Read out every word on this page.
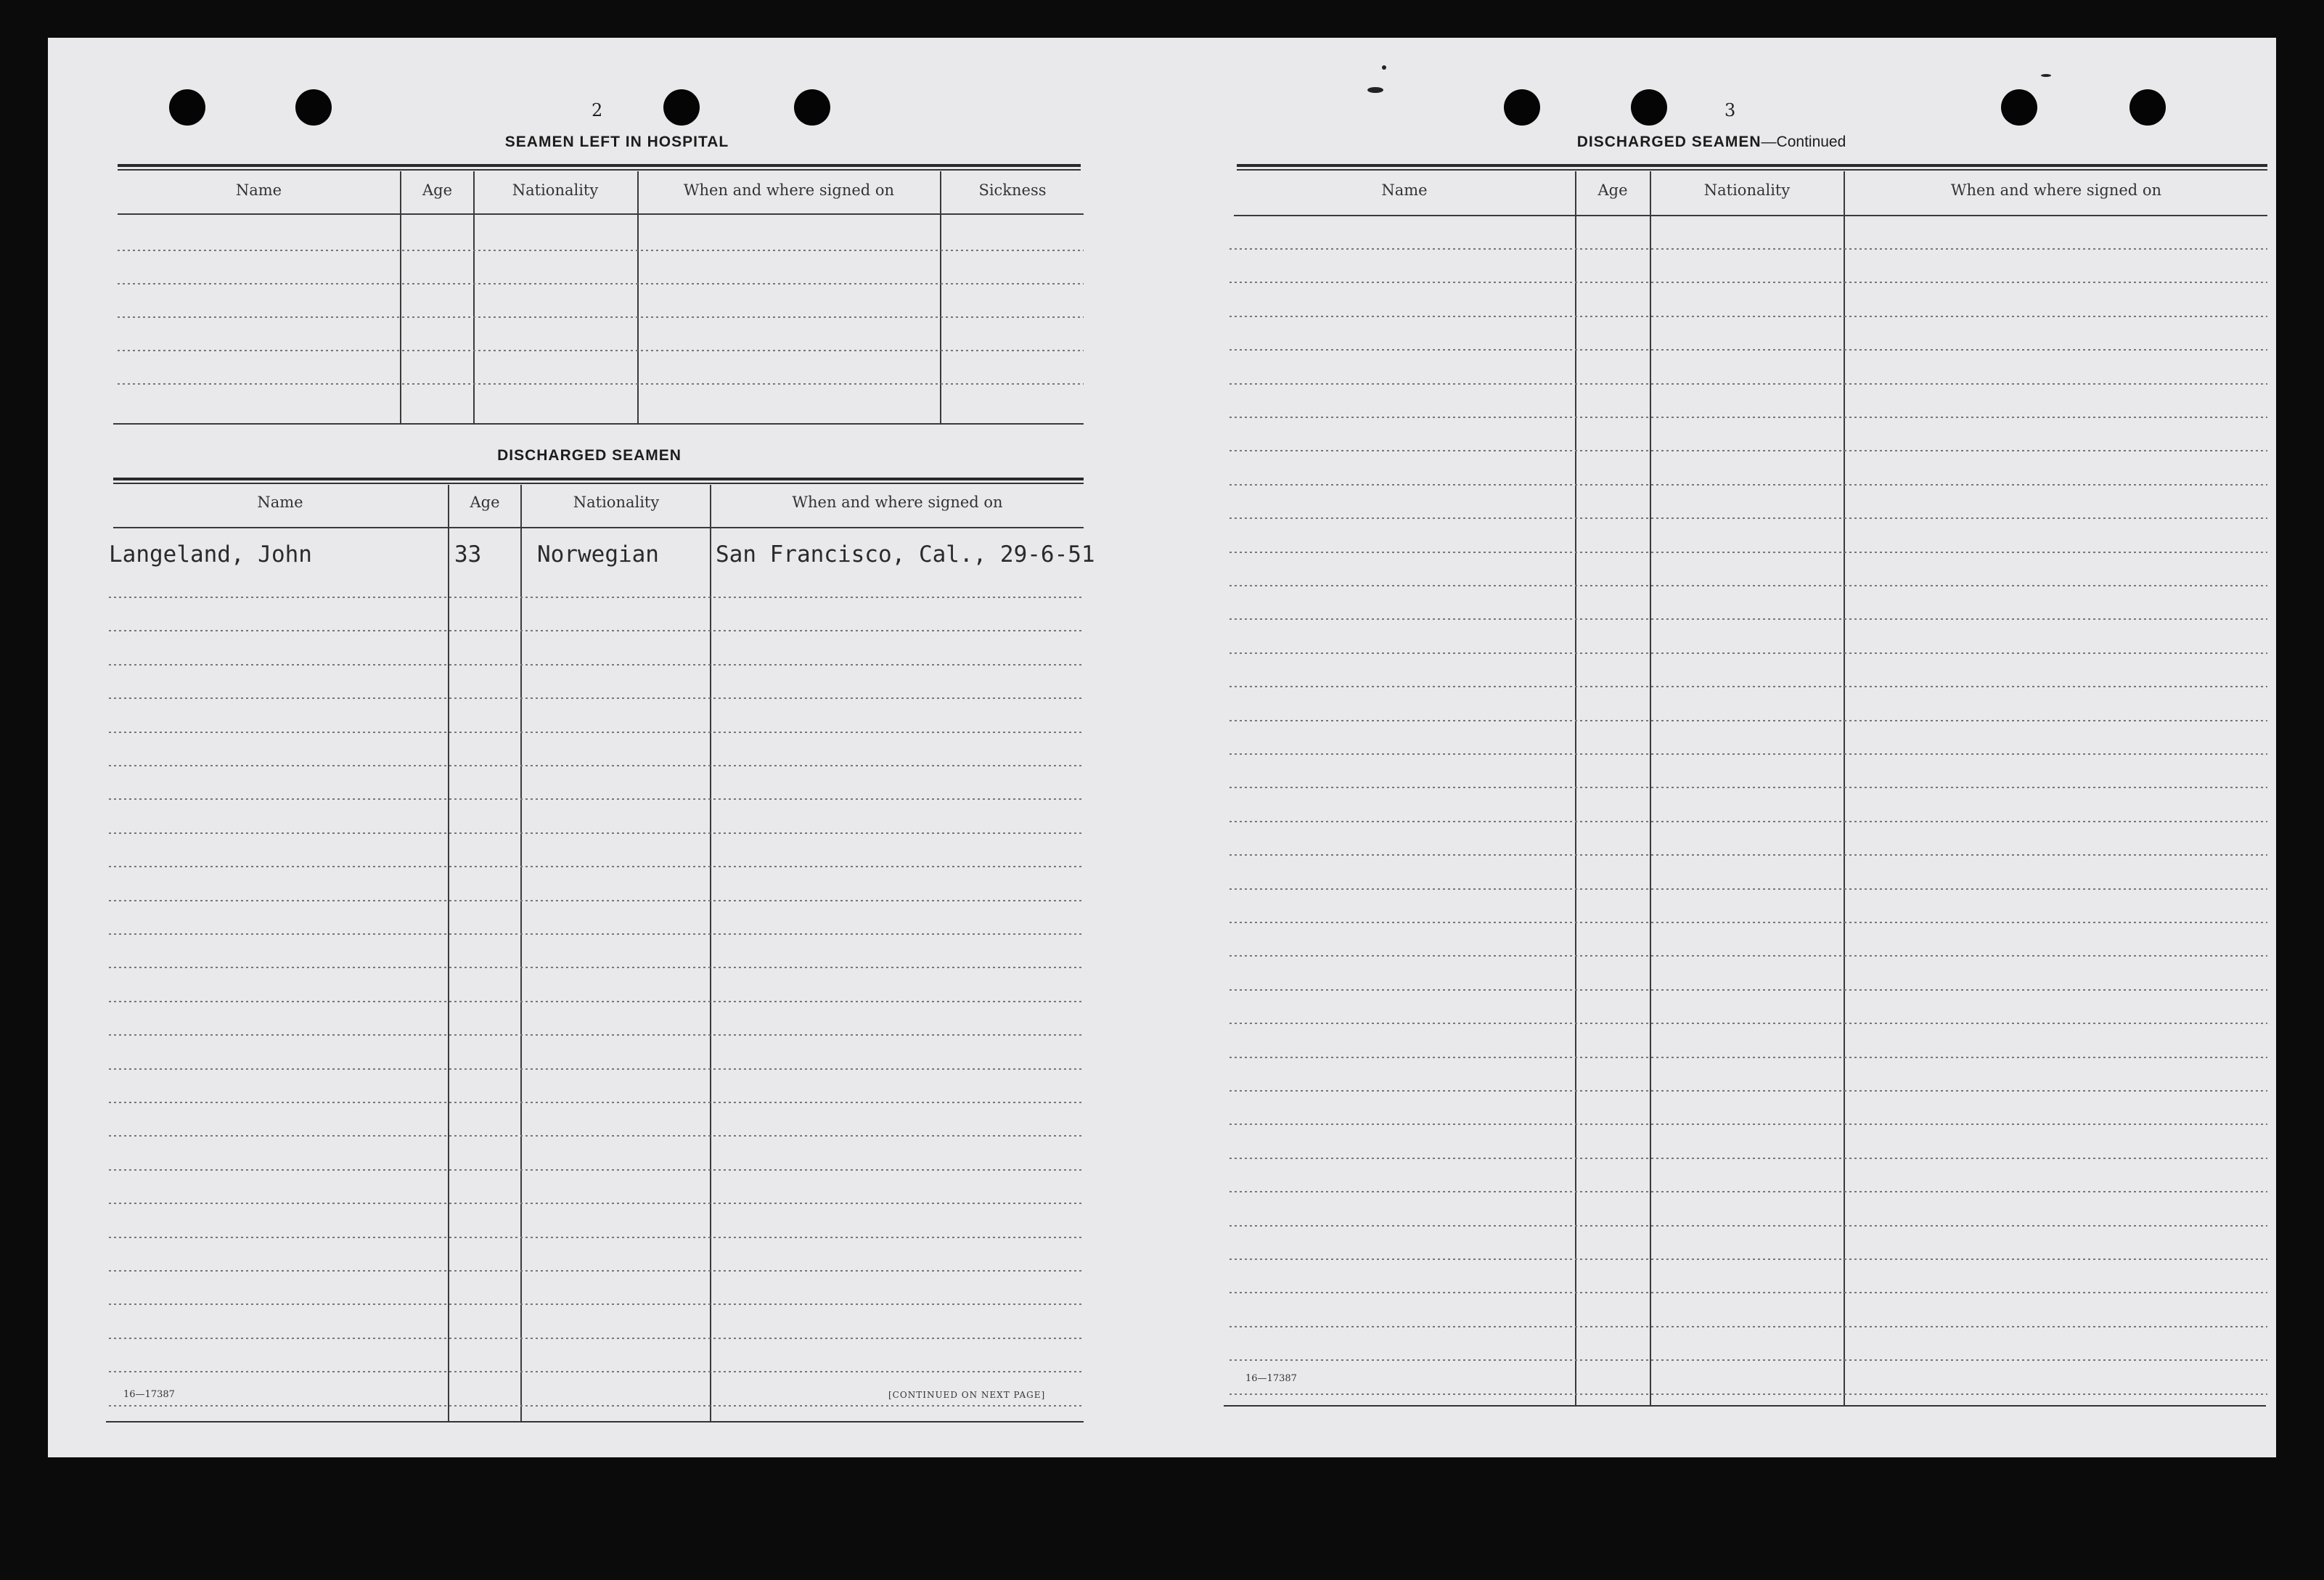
2
SEAMEN LEFT IN HOSPITAL
Name	Age	Nationality	When and where signed on	Sickness
DISCHARGED SEAMEN
Name	Age	Nationality	When and where signed on
Langeland, John	33 Norwegian	San Francisco, Cal., 29-6-51
16—17387	[CONTINUED ON NEXT PAGE]
3
DISCHARGED SEAMEN—Continued
Name	Age	Nationality	When and where signed on
16—17387
